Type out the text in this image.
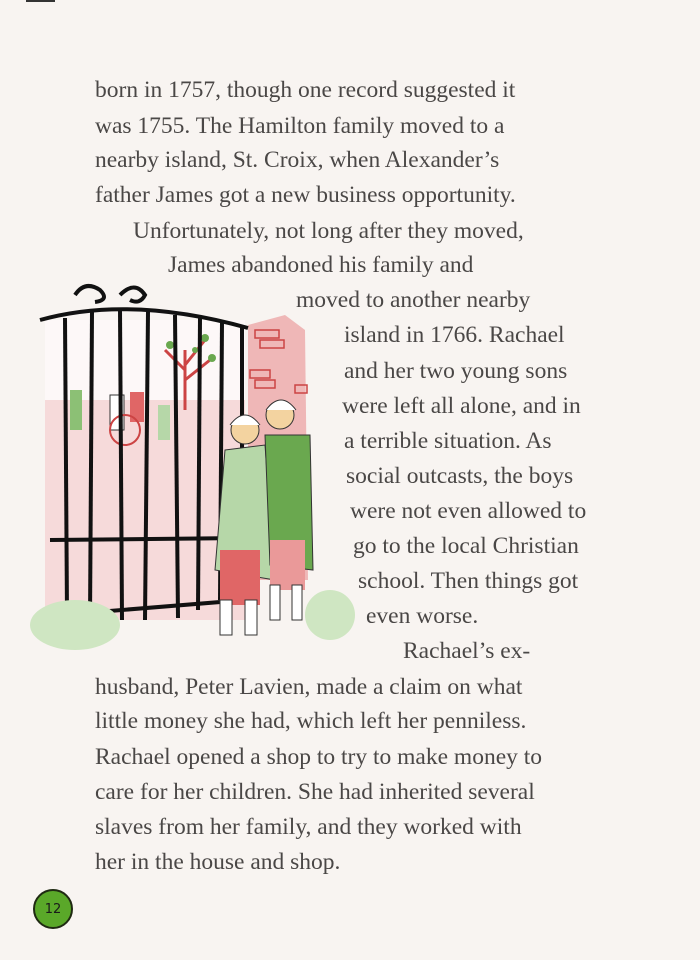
born in 1757, though one record suggested it
was 1755. The Hamilton family moved to a
nearby island, St. Croix, when Alexander’s
father James got a new business opportunity.
Unfortunately, not long after they moved,
James abandoned his family and
moved to another nearby
island in 1766. Rachael
and her two young sons
were left all alone, and in
a terrible situation. As
social outcasts, the boys
were not even allowed to
go to the local Christian
school. Then things got
even worse.
Rachael’s ex-
husband, Peter Lavien, made a claim on what
little money she had, which left her penniless.
Rachael opened a shop to try to make money to
care for her children. She had inherited several
slaves from her family, and they worked with
her in the house and shop.
12
